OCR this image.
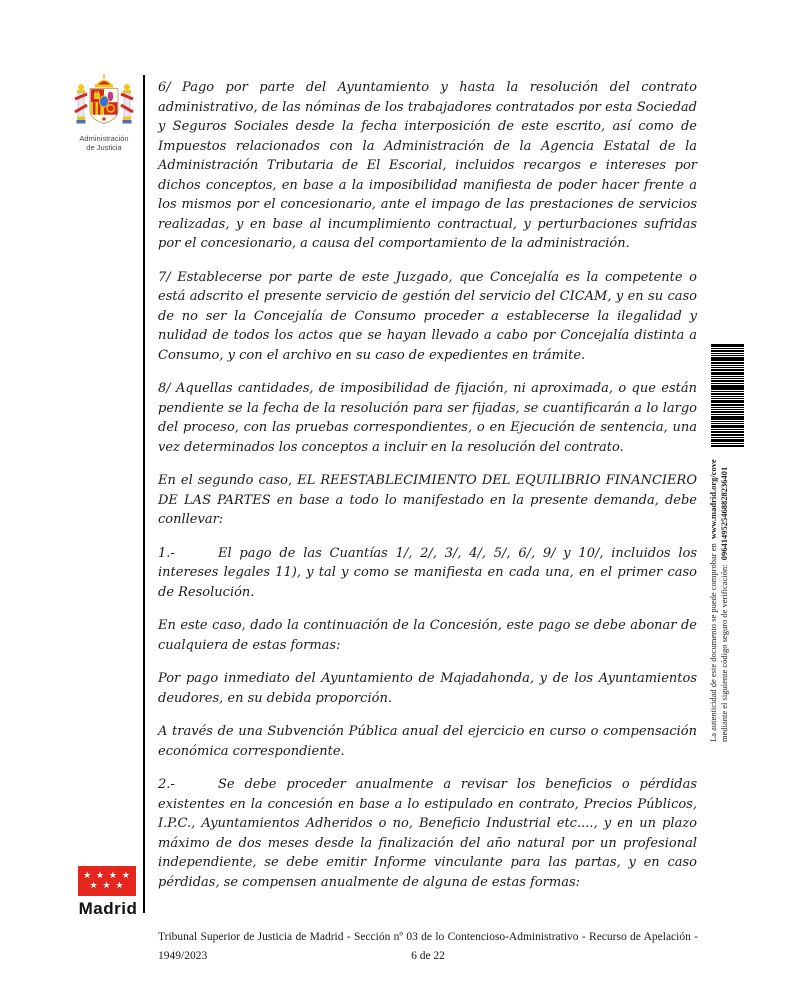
Administración
de Justicia

6/ Pago por parte del Ayuntamiento y hasta la resolución del contrato administrativo, de las nóminas de los trabajadores contratados por esta Sociedad y Seguros Sociales desde la fecha interposición de este escrito, así como de Impuestos relacionados con la Administración de la Agencia Estatal de la Administración Tributaria de El Escorial, incluidos recargos e intereses por dichos conceptos, en base a la imposibilidad manifiesta de poder hacer frente a los mismos por el concesionario, ante el impago de las prestaciones de servicios realizadas, y en base al incumplimiento contractual, y perturbaciones sufridas por el concesionario, a causa del comportamiento de la administración.

7/ Establecerse por parte de este Juzgado, que Concejalía es la competente o está adscrito el presente servicio de gestión del servicio del CICAM, y en su caso de no ser la Concejalía de Consumo proceder a establecerse la ilegalidad y nulidad de todos los actos que se hayan llevado a cabo por Concejalía distinta a Consumo, y con el archivo en su caso de expedientes en trámite.

8/ Aquellas cantidades, de imposibilidad de fijación, ni aproximada, o que están pendiente se la fecha de la resolución para ser fijadas, se cuantificarán a lo largo del proceso, con las pruebas correspondientes, o en Ejecución de sentencia, una vez determinados los conceptos a incluir en la resolución del contrato.

En el segundo caso, EL REESTABLECIMIENTO DEL EQUILIBRIO FINANCIERO DE LAS PARTES en base a todo lo manifestado en la presente demanda, debe conllevar:

1.-	El pago de las Cuantías 1/, 2/, 3/, 4/, 5/, 6/, 9/ y 10/, incluidos los intereses legales 11), y tal y como se manifiesta en cada una, en el primer caso de Resolución.

En este caso, dado la continuación de la Concesión, este pago se debe abonar de cualquiera de estas formas:

Por pago inmediato del Ayuntamiento de Majadahonda, y de los Ayuntamientos deudores, en su debida proporción.

A través de una Subvención Pública anual del ejercicio en curso o compensación económica correspondiente.

2.-	Se debe proceder anualmente a revisar los beneficios o pérdidas existentes en la concesión en base a lo estipulado en contrato, Precios Públicos, I.P.C., Ayuntamientos Adheridos o no, Beneficio Industrial etc...., y en un plazo máximo de dos meses desde la finalización del año natural por un profesional independiente, se debe emitir Informe vinculante para las partas, y en caso pérdidas, se compensen anualmente de alguna de estas formas:

La autenticidad de este documento se puede comprobar en  www.madrid.org/cove
mediante el siguiente código seguro de verificación:  0964149525468828236401
★ ★ ★ ★
★ ★ ★
Madrid
Tribunal Superior de Justicia de Madrid - Sección nº 03 de lo Contencioso-Administrativo - Recurso de Apelación -
1949/2023	6 de 22
